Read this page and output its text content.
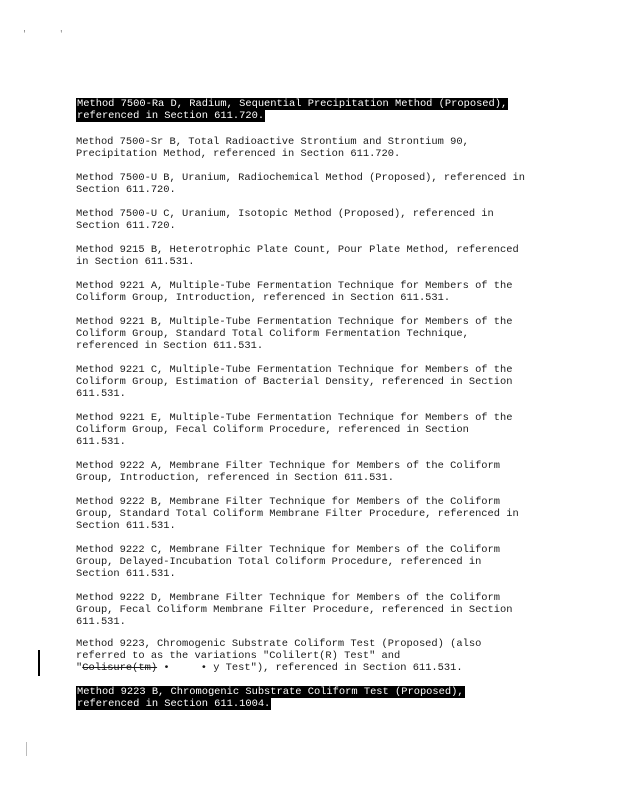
'	'
Method 7500-Ra D, Radium, Sequential Precipitation Method (Proposed),
referenced in Section 611.720.
Method 7500-Sr B, Total Radioactive Strontium and Strontium 90,
Precipitation Method, referenced in Section 611.720.
Method 7500-U B, Uranium, Radiochemical Method (Proposed), referenced in
Section 611.720.
Method 7500-U C, Uranium, Isotopic Method (Proposed), referenced in
Section 611.720.
Method 9215 B, Heterotrophic Plate Count, Pour Plate Method, referenced
in Section 611.531.
Method 9221 A, Multiple-Tube Fermentation Technique for Members of the
Coliform Group, Introduction, referenced in Section 611.531.
Method 9221 B, Multiple-Tube Fermentation Technique for Members of the
Coliform Group, Standard Total Coliform Fermentation Technique,
referenced in Section 611.531.
Method 9221 C, Multiple-Tube Fermentation Technique for Members of the
Coliform Group, Estimation of Bacterial Density, referenced in Section
611.531.
Method 9221 E, Multiple-Tube Fermentation Technique for Members of the
Coliform Group, Fecal Coliform Procedure, referenced in Section
611.531.
Method 9222 A, Membrane Filter Technique for Members of the Coliform
Group, Introduction, referenced in Section 611.531.
Method 9222 B, Membrane Filter Technique for Members of the Coliform
Group, Standard Total Coliform Membrane Filter Procedure, referenced in
Section 611.531.
Method 9222 C, Membrane Filter Technique for Members of the Coliform
Group, Delayed-Incubation Total Coliform Procedure, referenced in
Section 611.531.
Method 9222 D, Membrane Filter Technique for Members of the Coliform
Group, Fecal Coliform Membrane Filter Procedure, referenced in Section
611.531.
Method 9223, Chromogenic Substrate Coliform Test (Proposed) (also
referred to as the variations "Colilert(R) Test" and
"Colisure(tm) •     • y Test"), referenced in Section 611.531.
Method 9223 B, Chromogenic Substrate Coliform Test (Proposed),
referenced in Section 611.1004.
